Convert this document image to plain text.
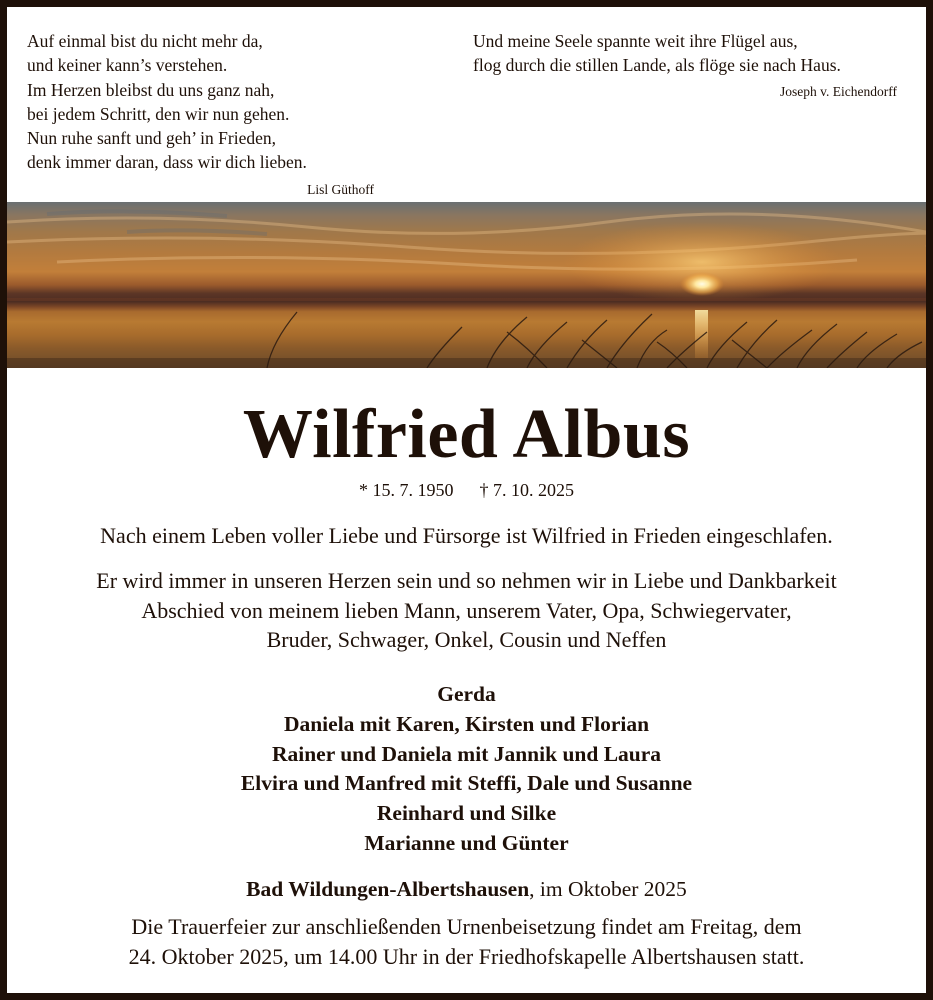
Auf einmal bist du nicht mehr da,
und keiner kann’s verstehen.
Im Herzen bleibst du uns ganz nah,
bei jedem Schritt, den wir nun gehen.
Nun ruhe sanft und geh’ in Frieden,
denk immer daran, dass wir dich lieben.
Lisl Güthoff
Und meine Seele spannte weit ihre Flügel aus,
flog durch die stillen Lande, als flöge sie nach Haus.
Joseph v. Eichendorff
Wilfried Albus
* 15. 7. 1950 † 7. 10. 2025
Nach einem Leben voller Liebe und Fürsorge ist Wilfried in Frieden eingeschlafen.
Er wird immer in unseren Herzen sein und so nehmen wir in Liebe und Dankbarkeit
Abschied von meinem lieben Mann, unserem Vater, Opa, Schwiegervater,
Bruder, Schwager, Onkel, Cousin und Neffen
Gerda
Daniela mit Karen, Kirsten und Florian
Rainer und Daniela mit Jannik und Laura
Elvira und Manfred mit Steffi, Dale und Susanne
Reinhard und Silke
Marianne und Günter
Bad Wildungen-Albertshausen, im Oktober 2025
Die Trauerfeier zur anschließenden Urnenbeisetzung findet am Freitag, dem
24. Oktober 2025, um 14.00 Uhr in der Friedhofskapelle Albertshausen statt.
